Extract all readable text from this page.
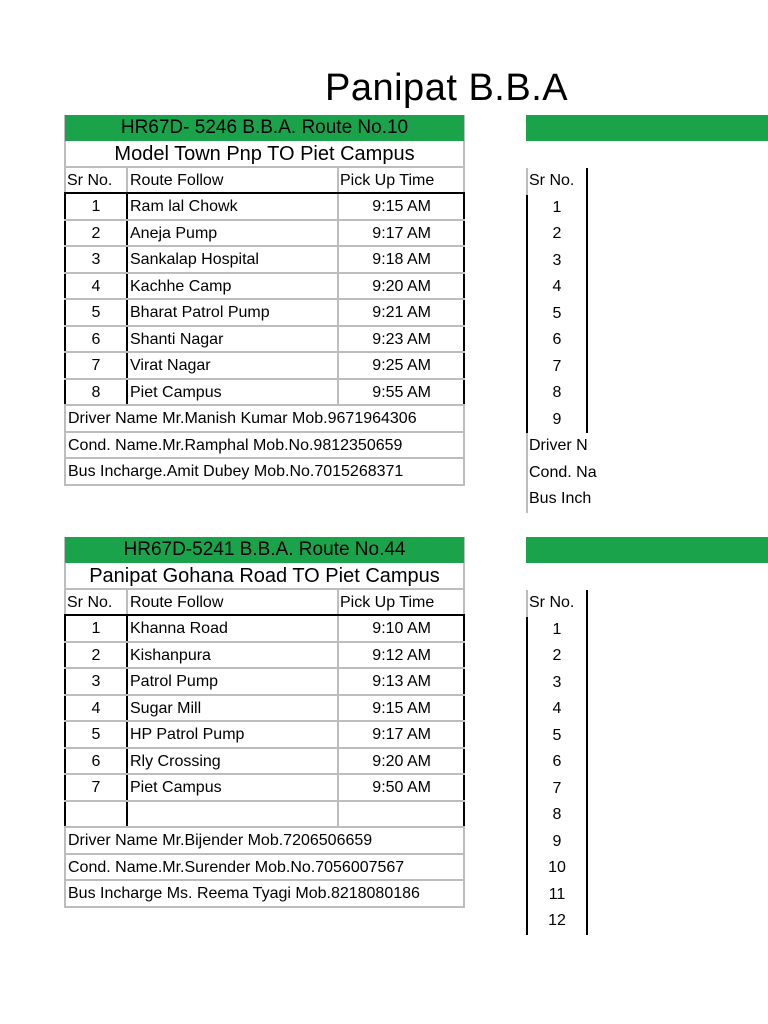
Panipat B.B.A
HR67D- 5246 B.B.A. Route No.10
Model Town Pnp TO Piet Campus
Sr No.	Route Follow	Pick Up Time
1	Ram lal Chowk	9:15 AM
2	Aneja Pump	9:17 AM
3	Sankalap Hospital	9:18 AM
4	Kachhe Camp	9:20 AM
5	Bharat Patrol Pump	9:21 AM
6	Shanti Nagar	9:23 AM
7	Virat Nagar	9:25 AM
8	Piet Campus	9:55 AM
Driver Name Mr.Manish Kumar Mob.9671964306
Cond. Name.Mr.Ramphal Mob.No.9812350659
Bus Incharge.Amit Dubey Mob.No.7015268371
HR67D-5241 B.B.A. Route No.44
Panipat Gohana Road TO Piet Campus
Sr No.	Route Follow	Pick Up Time
1	Khanna Road	9:10 AM
2	Kishanpura	9:12 AM
3	Patrol Pump	9:13 AM
4	Sugar Mill	9:15 AM
5	HP Patrol Pump	9:17 AM
6	Rly Crossing	9:20 AM
7	Piet Campus	9:50 AM
Driver Name Mr.Bijender Mob.7206506659
Cond. Name.Mr.Surender Mob.No.7056007567
Bus Incharge Ms. Reema Tyagi Mob.8218080186
Sr No.
1
2
3
4
5
6
7
8
9
Driver N
Cond. Na
Bus Inch
Sr No.
1
2
3
4
5
6
7
8
9
10
11
12
